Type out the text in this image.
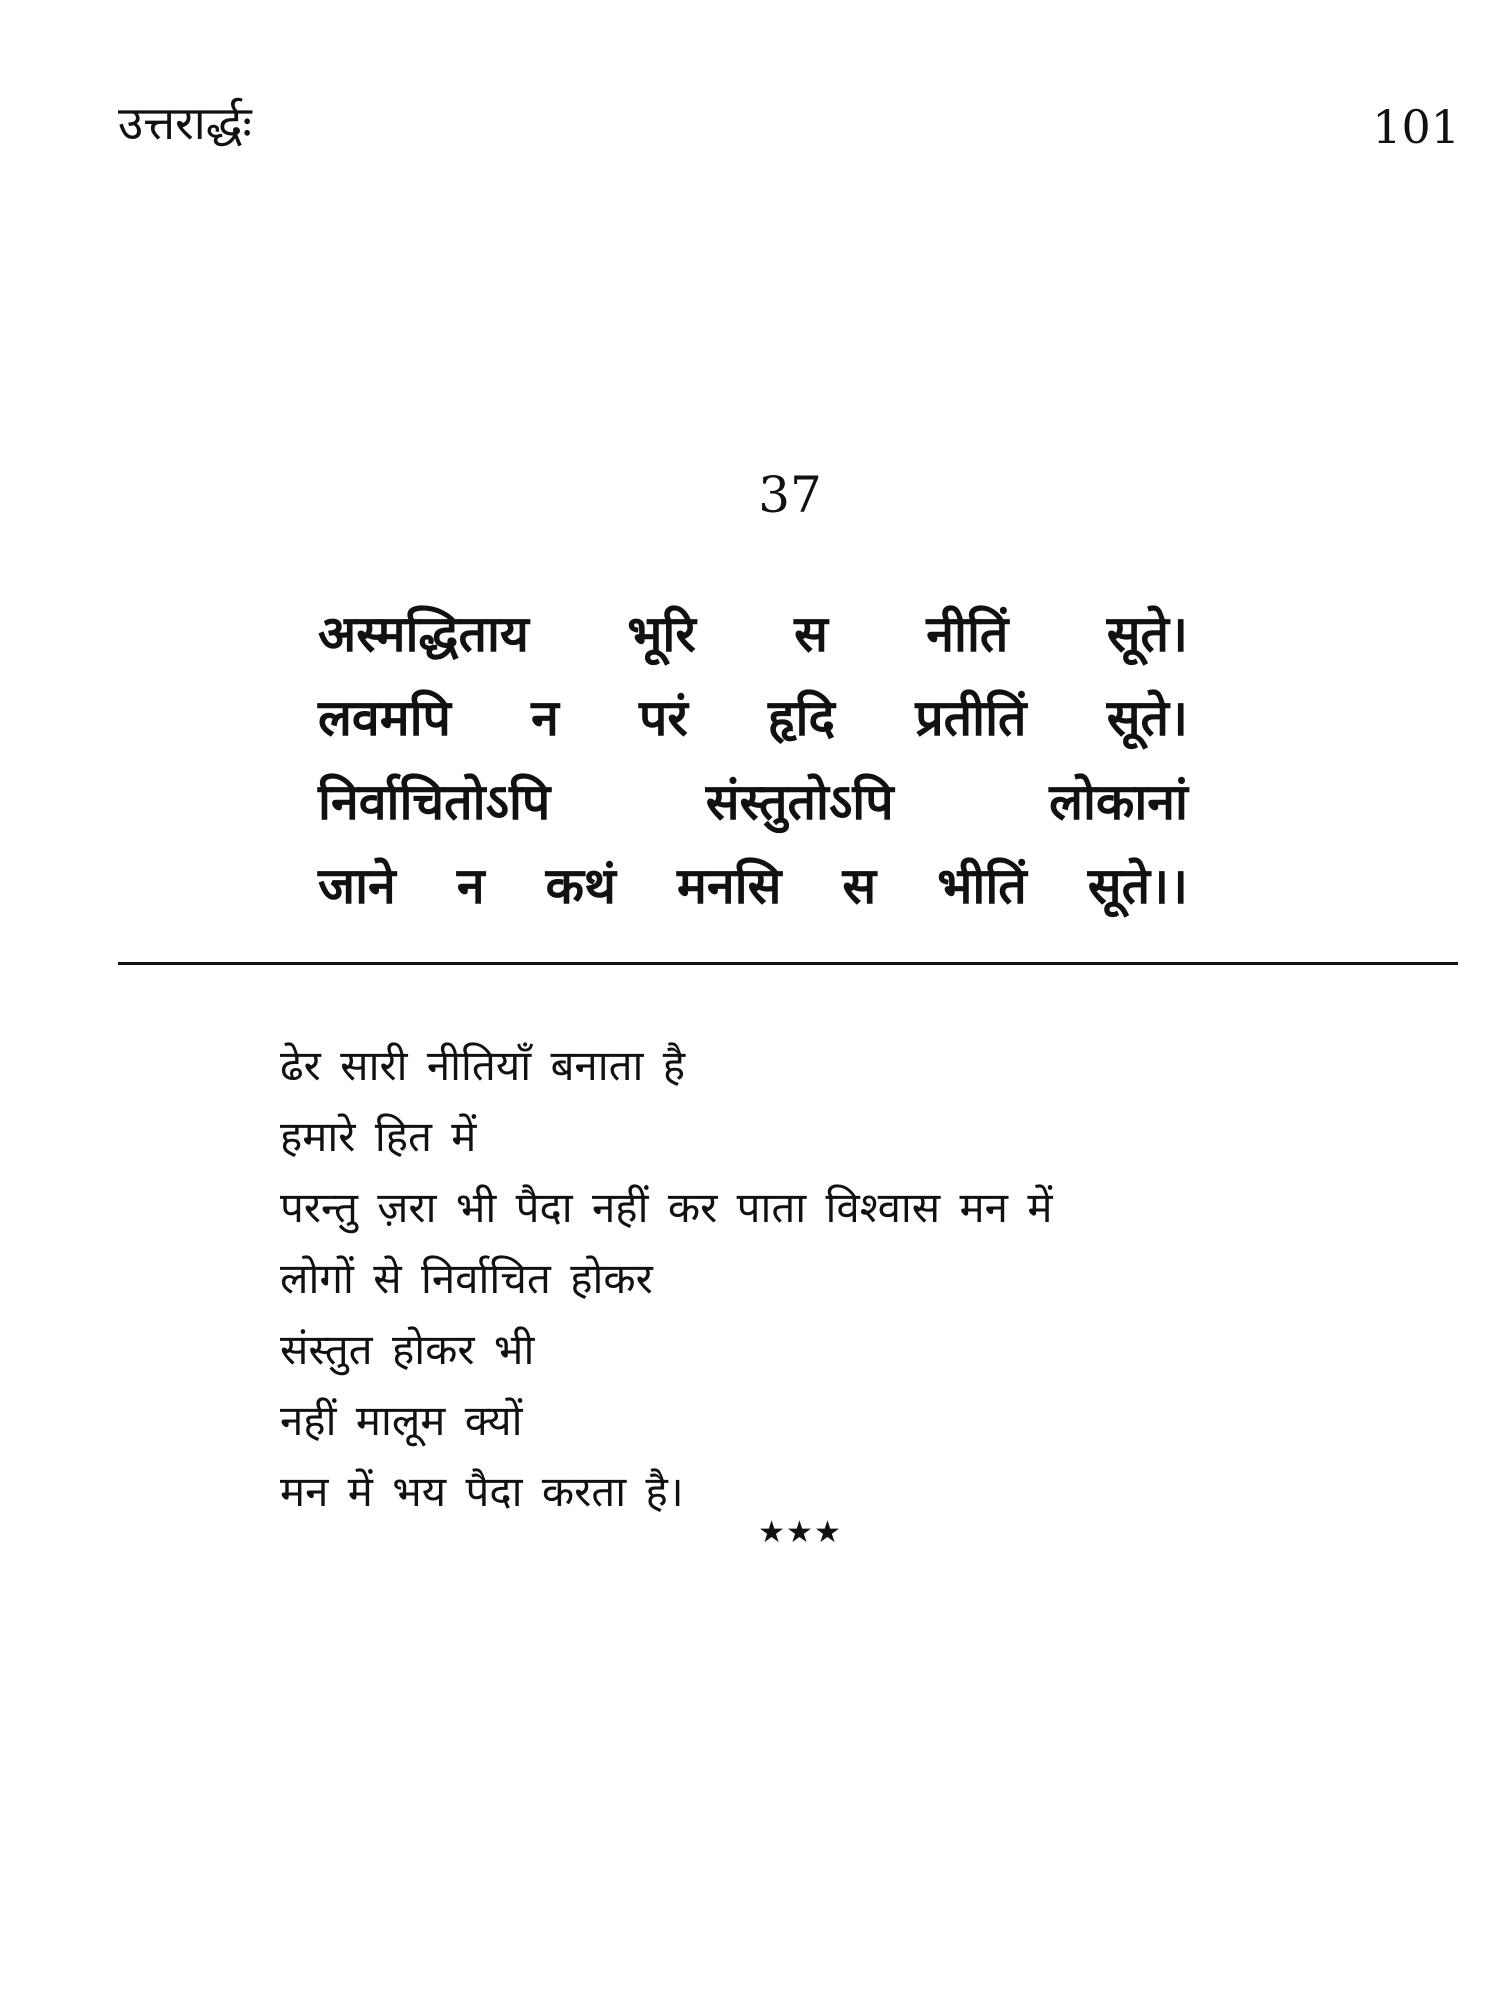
उत्तरार्द्धः	101
37
अस्मद्धिताय भूरि स नीतिं सूते।
लवमपि न परं हृदि प्रतीतिं सूते।
निर्वाचितोऽपि	संस्तुतोऽपि	लोकानां
जाने न कथं मनसि स भीतिं सूते।।
ढेर सारी नीतियाँ बनाता है
हमारे हित में
परन्तु ज़रा भी पैदा नहीं कर पाता विश्वास मन में
लोगों से निर्वाचित होकर
संस्तुत होकर भी
नहीं मालूम क्यों
मन में भय पैदा करता है।
★★★
